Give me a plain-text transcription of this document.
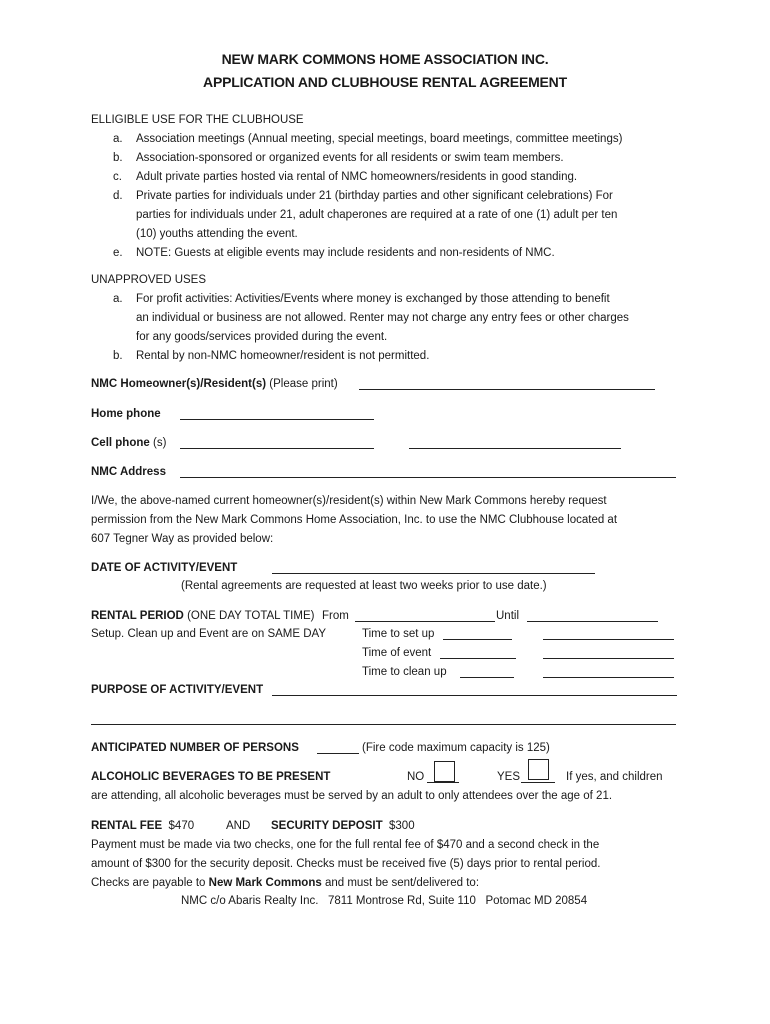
NEW MARK COMMONS HOME ASSOCIATION INC.
APPLICATION AND CLUBHOUSE RENTAL AGREEMENT
ELLIGIBLE USE FOR THE CLUBHOUSE
a. Association meetings (Annual meeting, special meetings, board meetings, committee meetings)
b. Association-sponsored or organized events for all residents or swim team members.
c. Adult private parties hosted via rental of NMC homeowners/residents in good standing.
d. Private parties for individuals under 21 (birthday parties and other significant celebrations) For
parties for individuals under 21, adult chaperones are required at a rate of one (1) adult per ten
(10) youths attending the event.
e. NOTE: Guests at eligible events may include residents and non-residents of NMC.
UNAPPROVED USES
a. For profit activities: Activities/Events where money is exchanged by those attending to benefit
an individual or business are not allowed. Renter may not charge any entry fees or other charges
for any goods/services provided during the event.
b. Rental by non-NMC homeowner/resident is not permitted.
NMC Homeowner(s)/Resident(s) (Please print)
Home phone
Cell phone (s)
NMC Address
I/We, the above-named current homeowner(s)/resident(s) within New Mark Commons hereby request
permission from the New Mark Commons Home Association, Inc. to use the NMC Clubhouse located at
607 Tegner Way as provided below:
DATE OF ACTIVITY/EVENT
(Rental agreements are requested at least two weeks prior to use date.)
RENTAL PERIOD (ONE DAY TOTAL TIME) From	Until
Setup. Clean up and Event are on SAME DAY	Time to set up
Time of event
Time to clean up
PURPOSE OF ACTIVITY/EVENT
ANTICIPATED NUMBER OF PERSONS	(Fire code maximum capacity is 125)
ALCOHOLIC BEVERAGES TO BE PRESENT	NO	YES	If yes, and children
are attending, all alcoholic beverages must be served by an adult to only attendees over the age of 21.
RENTAL FEE $470	AND SECURITY DEPOSIT $300
Payment must be made via two checks, one for the full rental fee of $470 and a second check in the
amount of $300 for the security deposit. Checks must be received five (5) days prior to rental period.
Checks are payable to New Mark Commons and must be sent/delivered to:
NMC c/o Abaris Realty Inc.   7811 Montrose Rd, Suite 110   Potomac MD 20854
